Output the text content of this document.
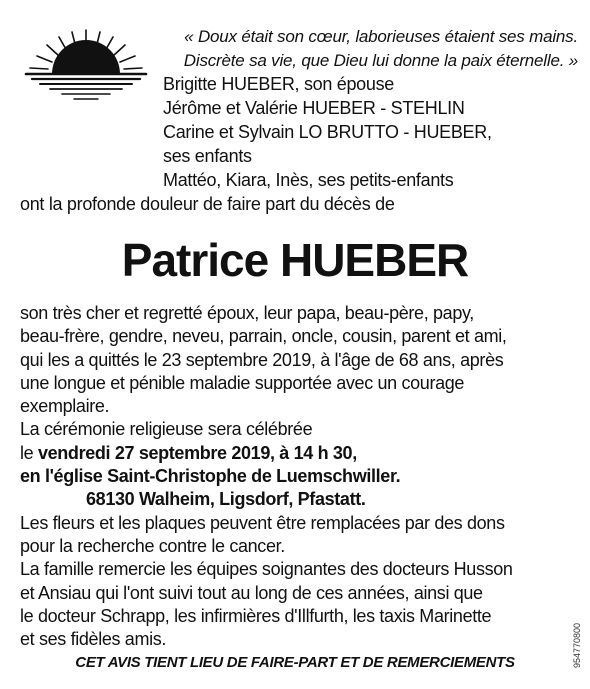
« Doux était son cœur, laborieuses étaient ses mains.
Discrète sa vie, que Dieu lui donne la paix éternelle. »
Brigitte HUEBER, son épouse
Jérôme et Valérie HUEBER - STEHLIN
Carine et Sylvain LO BRUTTO - HUEBER,
ses enfants
Mattéo, Kiara, Inès, ses petits-enfants
ont la profonde douleur de faire part du décès de
Patrice HUEBER
son très cher et regretté époux, leur papa, beau-père, papy,
beau-frère, gendre, neveu, parrain, oncle, cousin, parent et ami,
qui les a quittés le 23 septembre 2019, à l'âge de 68 ans, après
une longue et pénible maladie supportée avec un courage
exemplaire.
La cérémonie religieuse sera célébrée
le vendredi 27 septembre 2019, à 14 h 30,
en l'église Saint-Christophe de Luemschwiller.
68130 Walheim, Ligsdorf, Pfastatt.
Les fleurs et les plaques peuvent être remplacées par des dons
pour la recherche contre le cancer.
La famille remercie les équipes soignantes des docteurs Husson
et Ansiau qui l'ont suivi tout au long de ces années, ainsi que
le docteur Schrapp, les infirmières d'Illfurth, les taxis Marinette
et ses fidèles amis.
CET AVIS TIENT LIEU DE FAIRE-PART ET DE REMERCIEMENTS	954770800
